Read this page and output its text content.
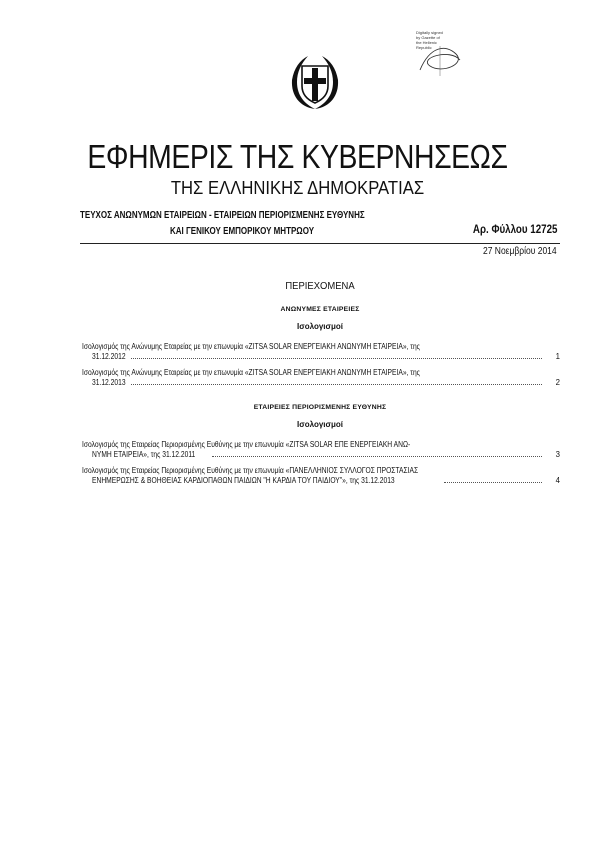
Digitally signed by Gazette of the Hellenic Republic
ΕΦΗΜΕΡΙΣ ΤΗΣ ΚΥΒΕΡΝΗΣΕΩΣ
ΤΗΣ ΕΛΛΗΝΙΚΗΣ ΔΗΜΟΚΡΑΤΙΑΣ
ΤΕΥΧΟΣ ΑΝΩΝΥΜΩΝ ΕΤΑΙΡΕΙΩΝ - ΕΤΑΙΡΕΙΩΝ ΠΕΡΙΟΡΙΣΜΕΝΗΣ ΕΥΘΥΝΗΣ
ΚΑΙ ΓΕΝΙΚΟΥ ΕΜΠΟΡΙΚΟΥ ΜΗΤΡΩΟΥ	Αρ. Φύλλου 12725
27 Νοεμβρίου 2014
ΠΕΡΙΕΧΟΜΕΝΑ
ΑΝΩΝΥΜΕΣ ΕΤΑΙΡΕΙΕΣ
Ισολογισμοί
Ισολογισμός της Ανώνυμης Εταιρείας με την επωνυμία «ZITSA SOLAR ΕΝΕΡΓΕΙΑΚΗ ΑΝΩΝΥΜΗ ΕΤΑΙΡΕΙΑ», της
31.12.2012	1
Ισολογισμός της Ανώνυμης Εταιρείας με την επωνυμία «ZITSA SOLAR ΕΝΕΡΓΕΙΑΚΗ ΑΝΩΝΥΜΗ ΕΤΑΙΡΕΙΑ», της
31.12.2013	2
ΕΤΑΙΡΕΙΕΣ ΠΕΡΙΟΡΙΣΜΕΝΗΣ ΕΥΘΥΝΗΣ
Ισολογισμοί
Ισολογισμός της Εταιρείας Περιορισμένης Ευθύνης με την επωνυμία «ZITSA SOLAR ΕΠΕ ΕΝΕΡΓΕΙΑΚΗ ΑΝΩ-
ΝΥΜΗ ΕΤΑΙΡΕΙΑ», της 31.12.2011	3
Ισολογισμός της Εταιρείας Περιορισμένης Ευθύνης με την επωνυμία «ΠΑΝΕΛΛΗΝΙΟΣ ΣΥΛΛΟΓΟΣ ΠΡΟΣΤΑΣΙΑΣ
ΕΝΗΜΕΡΩΣΗΣ & ΒΟΗΘΕΙΑΣ ΚΑΡΔΙΟΠΑΘΩΝ ΠΑΙΔΙΩΝ "Η ΚΑΡΔΙΑ ΤΟΥ ΠΑΙΔΙΟΥ"», της 31.12.2013	4
